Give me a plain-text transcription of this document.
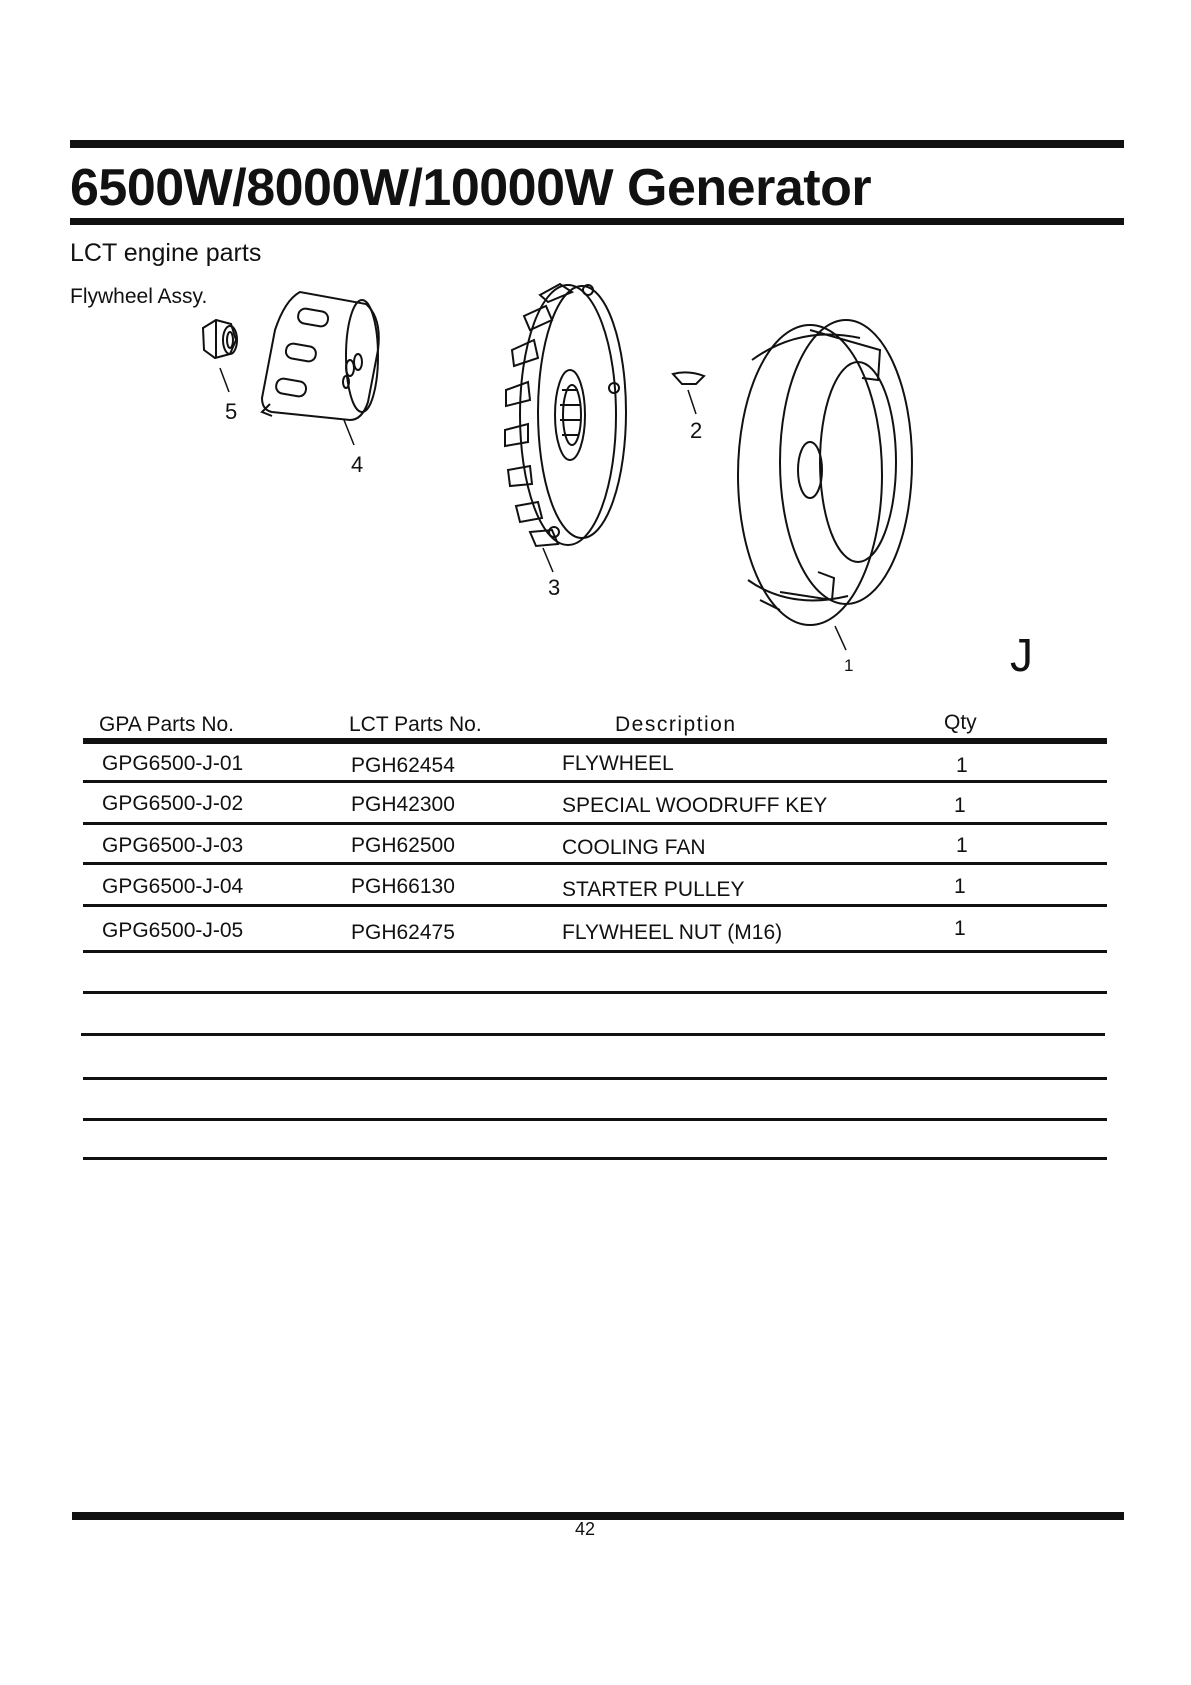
6500W/8000W/10000W Generator
LCT engine parts
Flywheel Assy.
1
2
3
4
5
J
GPA Parts No.	LCT Parts No.	Description	Qty
GPG6500-J-01	PGH62454	FLYWHEEL	1
GPG6500-J-02	PGH42300	SPECIAL WOODRUFF KEY	1
GPG6500-J-03	PGH62500	COOLING FAN	1
GPG6500-J-04	PGH66130	STARTER PULLEY	1
GPG6500-J-05	PGH62475	FLYWHEEL NUT (M16)	1
42
